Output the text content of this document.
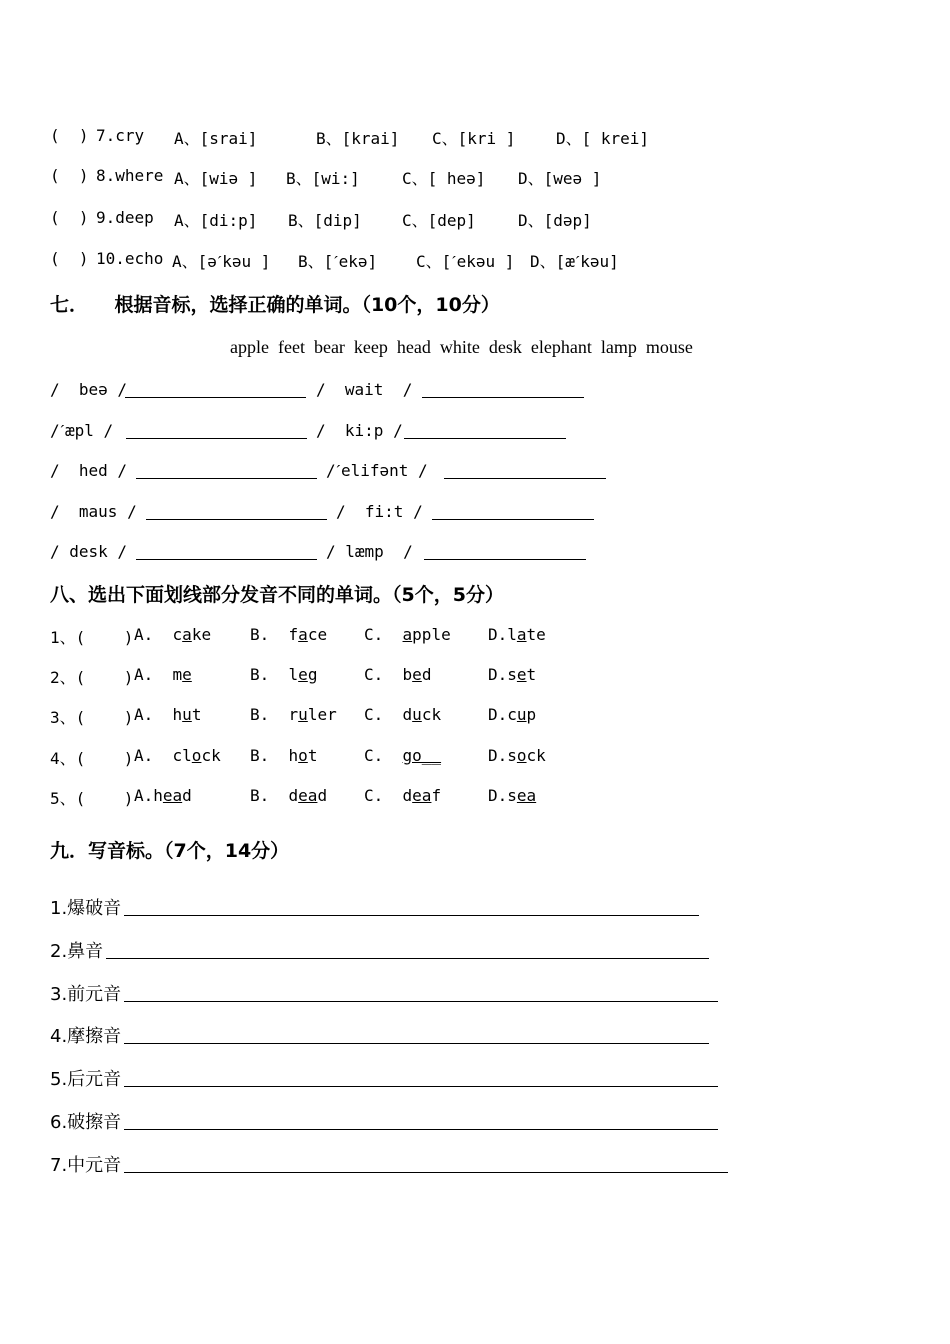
(  ) 7.cry A、[srai]	B、[krai] C、[kri ]	D、[ krei]
(  ) 8.where A、[wiə ] B、[wi:]	C、[ heə] D、[weə ]
(  ) 9.deep A、[di:p] B、[dip]	C、[dep]	D、[dəp]
(  ) 10.echo A、[əˊkəu ] B、[ˊekə] C、[ˊekəu ] D、[æˊkəu]
七．    根据音标，选择正确的单词。（10个，10分）
apple  feet  bear  keep  head  white  desk  elephant  lamp  mouse
/  beə /	/  wait  /
/ˊæpl /	/  ki:p /
/  hed /	/ˊelifənt /
/  maus /	/  fi:t /
/ desk /	/ læmp  /
八、选出下面划线部分发音不同的单词。（5个，5分）
1、(    ) A.  cake B.  face C.  apple D.late
2、(    ) A.  me	B.  leg	C.  bed	D.set
3、(    ) A.  hut	B.  ruler C.  duck	D.cup
4、(    ) A.  clock B.  hot	C.  go__	D.sock
5、(    ) A.head	B.  dead C.  deaf	D.sea
九．写音标。（7个，14分）
1.爆破音
2.鼻音
3.前元音
4.摩擦音
5.后元音
6.破擦音
7.中元音
